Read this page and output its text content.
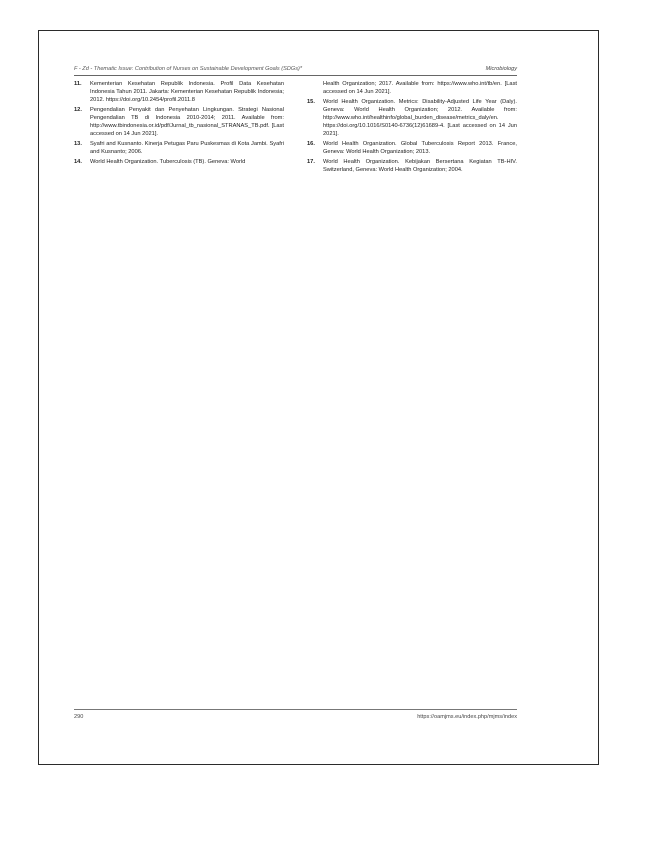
F - Zd - Thematic Issue: Contribution of Nurses on Sustainable Development Goals (SDGs)*	Microbiology
11. Kementerian Kesehatan Republik Indonesia. Profil Data Kesehatan Indonesia Tahun 2011. Jakarta: Kementerian Kesehatan Republik Indonesia; 2012. https://doi.org/10.2454/profil.2011.8
12. Pengendalian Penyakit dan Penyehatan Lingkungan. Strategi Nasional Pengendalian TB di Indonesia 2010-2014; 2011. Available from: http://www.tbindonesia.or.id/pdf/Jurnal_tb_nasional_STRANAS_TB.pdf. [Last accessed on 14 Jun 2021].
13. Syafri and Kusnanto. Kinerja Petugas Paru Puskesmas di Kota Jambi. Syafri and Kusnanto; 2006.
14. World Health Organization. Tuberculosis (TB). Geneva: World
Health Organization; 2017. Available from: https://www.who.int/tb/en. [Last accessed on 14 Jun 2021].
15. World Health Organization. Metrics: Disability-Adjusted Life Year (Daly). Geneva: World Health Organization; 2012. Available from: http://www.who.int/healthinfo/global_burden_disease/metrics_daly/en. https://doi.org/10.1016/S0140-6736(12)61689-4. [Last accessed on 14 Jun 2021].
16. World Health Organization. Global Tuberculosis Report 2013. France, Geneva: World Health Organization; 2013.
17. World Health Organization. Kebijakan Bersertana Kegiatan TB-HIV. Switzerland, Geneva: World Health Organization; 2004.
290	https://oamjms.eu/index.php/mjms/index
